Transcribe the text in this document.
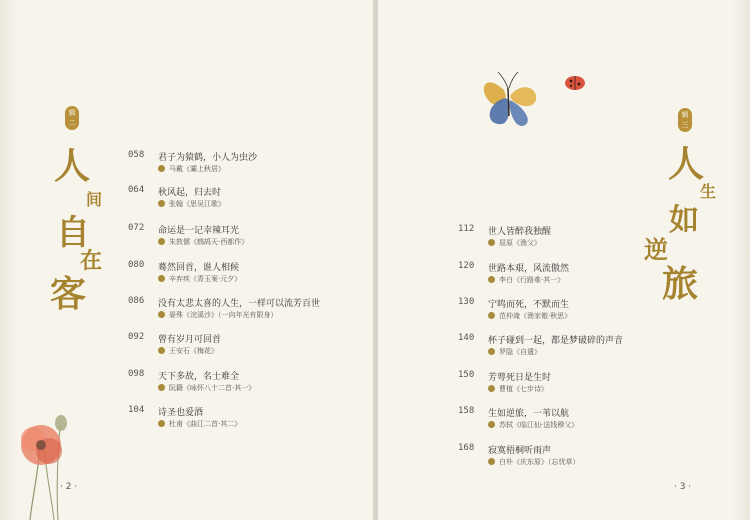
辑
二
人
间
自
在
客
058 君子为猿鹤，小人为虫沙
马戴《灞上秋居》
064 秋风起，归去时
张翰《思吴江歌》
072 命运是一记幸辣耳光
朱敦儒《鹧鸪天·西都作》
080 蓦然回首，谁人相候
辛弃疾《青玉案·元夕》
086 没有太悲太喜的人生，一样可以流芳百世
晏殊《浣溪沙》（一向年光有限身）
092 曾有岁月可回首
王安石《梅花》
098 天下多故，名士难全
阮籍《咏怀八十二首·其一》
104 诗圣也爱酒
杜甫《曲江二首·其二》
· 2 ·
辑
三
人
生
如
逆
旅
112 世人皆醉我独醒
屈原《渔父》
120 世路本艰，风流傲然
李白《行路难·其一》
130 宁鸣而死，不默而生
范仲淹《渔家傲·秋思》
140 杯子碰到一起，都是梦破碎的声音
罗隐《自遣》
150 芳萼死日是生时
曹植《七步诗》
158 生如逆旅，一苇以航
苏轼《临江仙·送钱穆父》
168 寂寞梧桐听雨声
白朴《庆东原》（忘忧草）
· 3 ·
